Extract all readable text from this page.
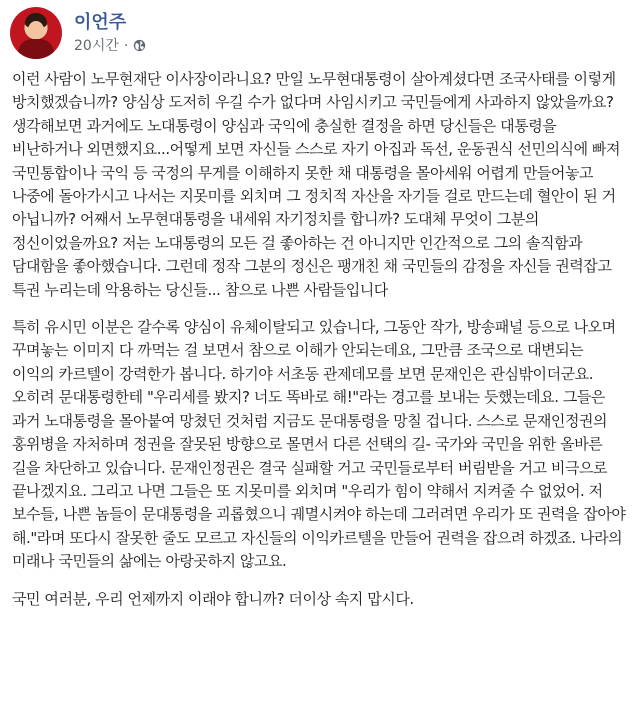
이언주
20시간 ·

이런 사람이 노무현재단 이사장이라니요? 만일 노무현대통령이 살아계셨다면 조국사태를 이렇게 방치했겠습니까? 양심상 도저히 우길 수가 없다며 사임시키고 국민들에게 사과하지 않았을까요? 생각해보면 과거에도 노대통령이 양심과 국익에 충실한 결정을 하면 당신들은 대통령을 비난하거나 외면했지요...어떻게 보면 자신들 스스로 자기 아집과 독선, 운동권식 선민의식에 빠져 국민통합이나 국익 등 국정의 무게를 이해하지 못한 채 대통령을 몰아세워 어렵게 만들어놓고 나중에 돌아가시고 나서는 지못미를 외치며 그 정치적 자산을 자기들 걸로 만드는데 혈안이 된 거 아닙니까? 어째서 노무현대통령을 내세워 자기정치를 합니까? 도대체 무엇이 그분의 정신이었을까요? 저는 노대통령의 모든 걸 좋아하는 건 아니지만 인간적으로 그의 솔직함과 담대함을 좋아했습니다. 그런데 정작 그분의 정신은 팽개친 채 국민들의 감정을 자신들 권력잡고 특권 누리는데 악용하는 당신들... 참으로 나쁜 사람들입니다

특히 유시민 이분은 갈수록 양심이 유체이탈되고 있습니다, 그동안 작가, 방송패널 등으로 나오며 꾸며놓는 이미지 다 까먹는 걸 보면서 참으로 이해가 안되는데요, 그만큼 조국으로 대변되는 이익의 카르텔이 강력한가 봅니다. 하기야 서초동 관제데모를 보면 문재인은 관심밖이더군요. 오히려 문대통령한테 "우리세를 봤지? 너도 똑바로 해!"라는 경고를 보내는 듯했는데요. 그들은 과거 노대통령을 몰아붙여 망쳤던 것처럼 지금도 문대통령을 망칠 겁니다. 스스로 문재인정권의 홍위병을 자처하며 정권을 잘못된 방향으로 몰면서 다른 선택의 길- 국가와 국민을 위한 올바른 길을 차단하고 있습니다. 문재인정권은 결국 실패할 거고 국민들로부터 버림받을 거고 비극으로 끝나겠지요. 그리고 나면 그들은 또 지못미를 외치며 "우리가 힘이 약해서 지켜줄 수 없었어. 저 보수들, 나쁜 놈들이 문대통령을 괴롭혔으니 궤멸시켜야 하는데 그러려면 우리가 또 권력을 잡아야 해."라며 또다시 잘못한 줄도 모르고 자신들의 이익카르텔을 만들어 권력을 잡으려 하겠죠. 나라의 미래나 국민들의 삶에는 아랑곳하지 않고요.

국민 여러분, 우리 언제까지 이래야 합니까? 더이상 속지 맙시다.
